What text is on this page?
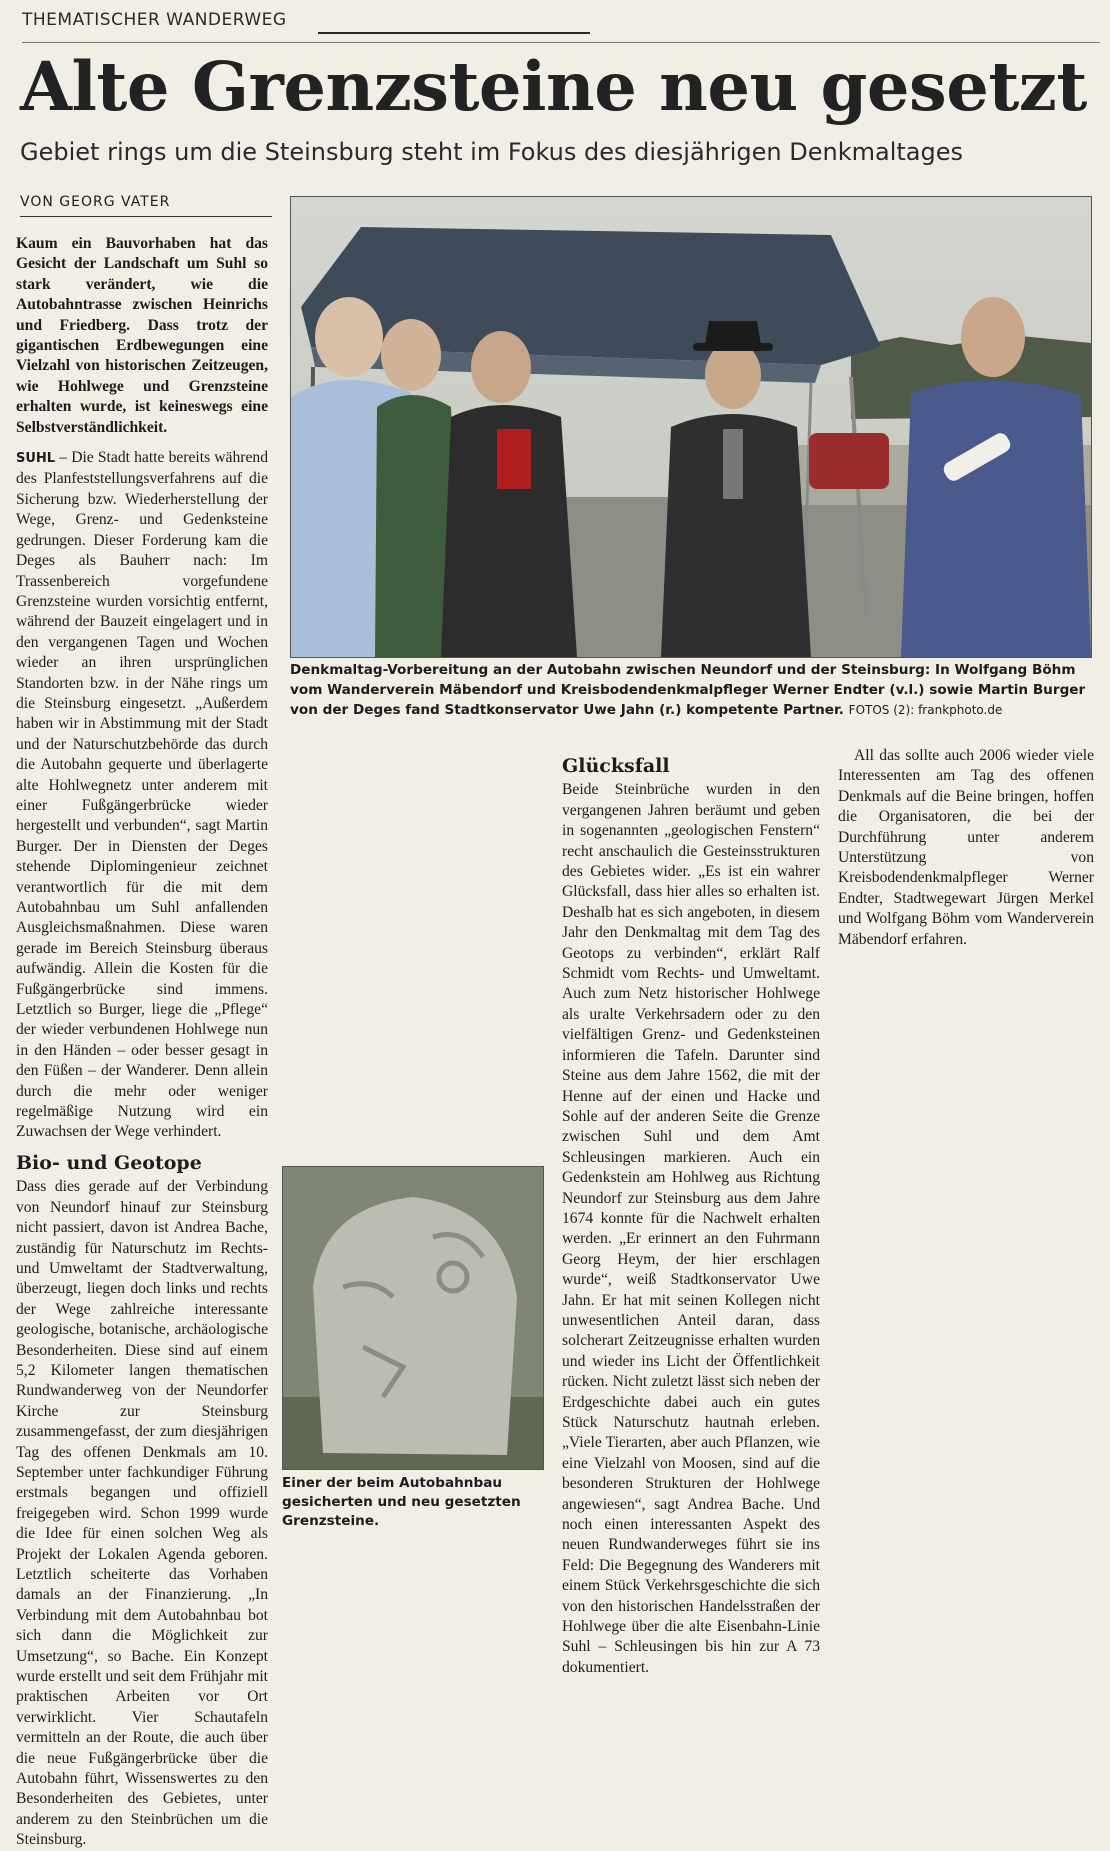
THEMATISCHER WANDERWEG
Alte Grenzsteine neu gesetzt
Gebiet rings um die Steinsburg steht im Fokus des diesjährigen Denkmaltages
VON GEORG VATER
Denkmaltag-Vorbereitung an der Autobahn zwischen Neundorf und der Steinsburg: In Wolfgang Böhm vom Wanderverein Mäbendorf und Kreisbodendenkmalpfleger Werner Endter (v.l.) sowie Martin Burger von der Deges fand Stadtkonservator Uwe Jahn (r.) kompetente Partner. FOTOS (2): frankphoto.de

Kaum ein Bauvorhaben hat das Gesicht der Landschaft um Suhl so stark verändert, wie die Autobahntrasse zwischen Heinrichs und Friedberg. Dass trotz der gigantischen Erdbewegungen eine Vielzahl von historischen Zeitzeugen, wie Hohlwege und Grenzsteine erhalten wurde, ist keineswegs eine Selbstverständlichkeit.

SUHL – Die Stadt hatte bereits während des Planfeststellungsverfahrens auf die Sicherung bzw. Wiederherstellung der Wege, Grenz- und Gedenksteine gedrungen. Dieser Forderung kam die Deges als Bauherr nach: Im Trassenbereich vorgefundene Grenzsteine wurden vorsichtig entfernt, während der Bauzeit eingelagert und in den vergangenen Tagen und Wochen wieder an ihren ursprünglichen Standorten bzw. in der Nähe rings um die Steinsburg eingesetzt. „Außerdem haben wir in Abstimmung mit der Stadt und der Naturschutzbehörde das durch die Autobahn gequerte und überlagerte alte Hohlwegnetz unter anderem mit einer Fußgängerbrücke wieder hergestellt und verbunden“, sagt Martin Burger. Der in Diensten der Deges stehende Diplomingenieur zeichnet verantwortlich für die mit dem Autobahnbau um Suhl anfallenden Ausgleichsmaßnahmen. Diese waren gerade im Bereich Steinsburg überaus aufwändig. Allein die Kosten für die Fußgängerbrücke sind immens. Letztlich so Burger, liege die „Pflege“ der wieder verbundenen Hohlwege nun in den Händen – oder besser gesagt in den Füßen – der Wanderer. Denn allein durch die mehr oder weniger regelmäßige Nutzung wird ein Zuwachsen der Wege verhindert.

Bio- und Geotope

Dass dies gerade auf der Verbindung von Neundorf hinauf zur Steinsburg nicht passiert, davon ist Andrea Bache, zuständig für Naturschutz im Rechts- und Umweltamt der Stadtverwaltung, überzeugt, liegen doch links und rechts der Wege zahlreiche interessante geologische, botanische, archäologische Besonderheiten. Diese sind auf einem 5,2 Kilometer langen thematischen Rundwanderweg von der Neundorfer Kirche zur Steinsburg zusammengefasst, der zum diesjährigen Tag des offenen Denkmals am 10. September unter fachkundiger Führung erstmals begangen und offiziell freigegeben wird. Schon 1999 wurde die Idee für einen solchen Weg als Projekt der Lokalen Agenda geboren. Letztlich scheiterte das Vorhaben damals an der Finanzierung. „In Verbindung mit dem Autobahnbau bot sich dann die Möglichkeit zur Umsetzung“, so Bache. Ein Konzept wurde erstellt und seit dem Frühjahr mit praktischen Arbeiten vor Ort verwirklicht. Vier Schautafeln vermitteln an der Route, die auch über die neue Fußgängerbrücke über die Autobahn führt, Wissenswertes zu den Besonderheiten des Gebietes, unter anderem zu den Steinbrüchen um die Steinsburg.

Glücksfall

Beide Steinbrüche wurden in den vergangenen Jahren beräumt und geben in sogenannten „geologischen Fenstern“ recht anschaulich die Gesteinsstrukturen des Gebietes wider. „Es ist ein wahrer Glücksfall, dass hier alles so erhalten ist. Deshalb hat es sich angeboten, in diesem Jahr den Denkmaltag mit dem Tag des Geotops zu verbinden“, erklärt Ralf Schmidt vom Rechts- und Umweltamt. Auch zum Netz historischer Hohlwege als uralte Verkehrsadern oder zu den vielfältigen Grenz- und Gedenksteinen informieren die Tafeln. Darunter sind Steine aus dem Jahre 1562, die mit der Henne auf der einen und Hacke und Sohle auf der anderen Seite die Grenze zwischen Suhl und dem Amt Schleusingen markieren. Auch ein Gedenkstein am Hohlweg aus Richtung Neundorf zur Steinsburg aus dem Jahre 1674 konnte für die Nachwelt erhalten werden. „Er erinnert an den Fuhrmann Georg Heym, der hier erschlagen wurde“, weiß Stadtkonservator Uwe Jahn. Er hat mit seinen Kollegen nicht unwesentlichen Anteil daran, dass solcherart Zeitzeugnisse erhalten wurden und wieder ins Licht der Öffentlichkeit rücken. Nicht zuletzt lässt sich neben der Erdgeschichte dabei auch ein gutes Stück Naturschutz hautnah erleben. „Viele Tierarten, aber auch Pflanzen, wie eine Vielzahl von Moosen, sind auf die besonderen Strukturen der Hohlwege angewiesen“, sagt Andrea Bache. Und noch einen interessanten Aspekt des neuen Rundwanderweges führt sie ins Feld: Die Begegnung des Wanderers mit einem Stück Verkehrsgeschichte die sich von den historischen Handelsstraßen der Hohlwege über die alte Eisenbahn-Linie Suhl – Schleusingen bis hin zur A 73 dokumentiert.

All das sollte auch 2006 wieder viele Interessenten am Tag des offenen Denkmals auf die Beine bringen, hoffen die Organisatoren, die bei der Durchführung unter anderem Unterstützung von Kreisbodendenkmalpfleger Werner Endter, Stadtwegewart Jürgen Merkel und Wolfgang Böhm vom Wanderverein Mäbendorf erfahren.

Einer der beim Autobahnbau gesicherten und neu gesetzten Grenzsteine.
